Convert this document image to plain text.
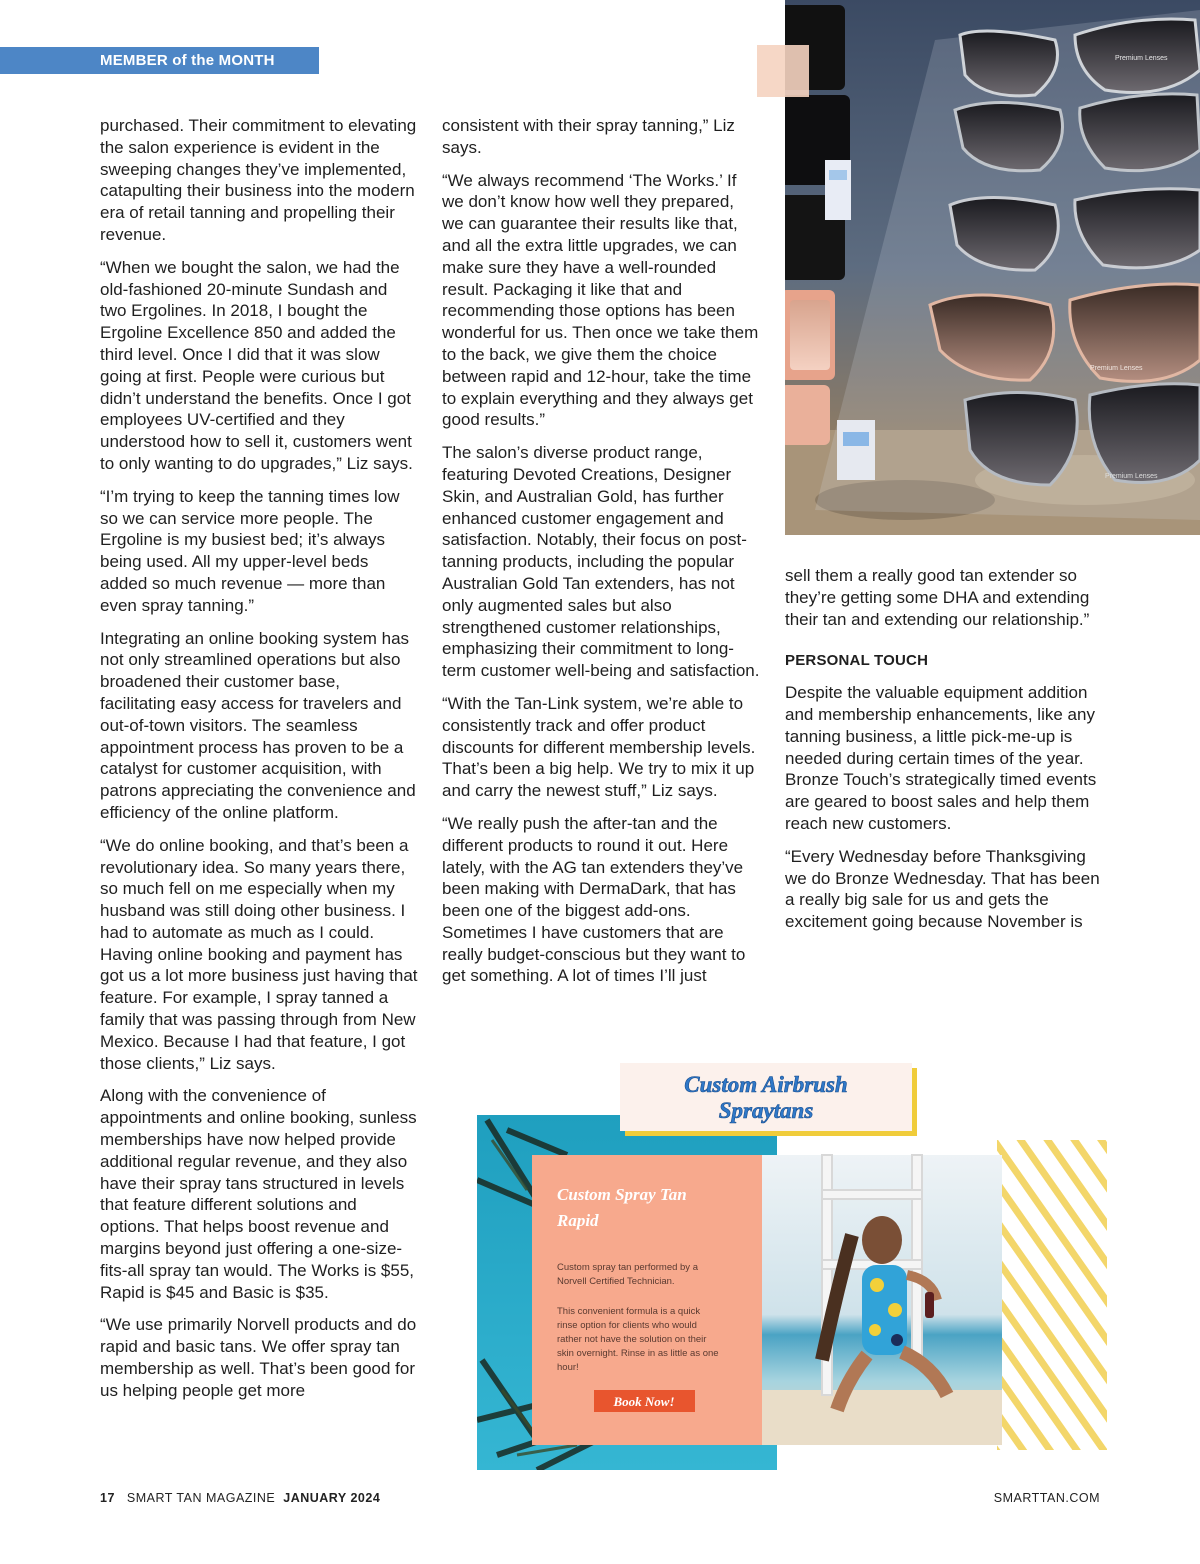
MEMBER of the MONTH

purchased. Their commitment to elevating the salon experience is evident in the sweeping changes they’ve implemented, catapulting their business into the modern era of retail tanning and propelling their revenue.

“When we bought the salon, we had the old-fashioned 20-minute Sundash and two Ergolines. In 2018, I bought the Ergoline Excellence 850 and added the third level. Once I did that it was slow going at first. People were curious but didn’t understand the benefits. Once I got employees UV-certified and they understood how to sell it, customers went to only wanting to do upgrades,” Liz says.

“I’m trying to keep the tanning times low so we can service more people. The Ergoline is my busiest bed; it’s always being used. All my upper-level beds added so much revenue — more than even spray tanning.”

Integrating an online booking system has not only streamlined operations but also broadened their customer base, facilitating easy access for travelers and out-of-town visitors. The seamless appointment process has proven to be a catalyst for customer acquisition, with patrons appreciating the convenience and efficiency of the online platform.

“We do online booking, and that’s been a revolutionary idea. So many years there, so much fell on me especially when my husband was still doing other business. I had to automate as much as I could. Having online booking and payment has got us a lot more business just having that feature. For example, I spray tanned a family that was passing through from New Mexico. Because I had that feature, I got those clients,” Liz says.

Along with the convenience of appointments and online booking, sunless memberships have now helped provide additional regular revenue, and they also have their spray tans structured in levels that feature different solutions and options. That helps boost revenue and margins beyond just offering a one-size-fits-all spray tan would. The Works is $55, Rapid is $45 and Basic is $35.

“We use primarily Norvell products and do rapid and basic tans. We offer spray tan membership as well. That’s been good for us helping people get more

consistent with their spray tanning,” Liz says.

“We always recommend ‘The Works.’ If we don’t know how well they prepared, we can guarantee their results like that, and all the extra little upgrades, we can make sure they have a well-rounded result. Packaging it like that and recommending those options has been wonderful for us. Then once we take them to the back, we give them the choice between rapid and 12-hour, take the time to explain everything and they always get good results.”

The salon’s diverse product range, featuring Devoted Creations, Designer Skin, and Australian Gold, has further enhanced customer engagement and satisfaction. Notably, their focus on post-tanning products, including the popular Australian Gold Tan extenders, has not only augmented sales but also strengthened customer relationships, emphasizing their commitment to long-term customer well-being and satisfaction.

“With the Tan-Link system, we’re able to consistently track and offer product discounts for different membership levels. That’s been a big help. We try to mix it up and carry the newest stuff,” Liz says.

“We really push the after-tan and the different products to round it out. Here lately, with the AG tan extenders they’ve been making with DermaDark, that has been one of the biggest add-ons. Sometimes I have customers that are really budget-conscious but they want to get something. A lot of times I’ll just

Premium Lenses
Premium Lenses
Premium Lenses

sell them a really good tan extender so they’re getting some DHA and extending their tan and extending our relationship.”

PERSONAL TOUCH

Despite the valuable equipment addition and membership enhancements, like any tanning business, a little pick-me-up is needed during certain times of the year. Bronze Touch’s strategically timed events are geared to boost sales and help them reach new customers.

“Every Wednesday before Thanksgiving we do Bronze Wednesday. That has been a really big sale for us and gets the excitement going because November is

Custom Spray Tan
Rapid
Custom spray tan performed by a
Norvell Certified Technician.
This convenient formula is a quick
rinse option for clients who would
rather not have the solution on their
skin overnight. Rinse in as little as one
hour!
Book Now!
Custom Airbrush
Spraytans
17 SMART TAN MAGAZINE JANUARY 2024	SMARTTAN.COM
